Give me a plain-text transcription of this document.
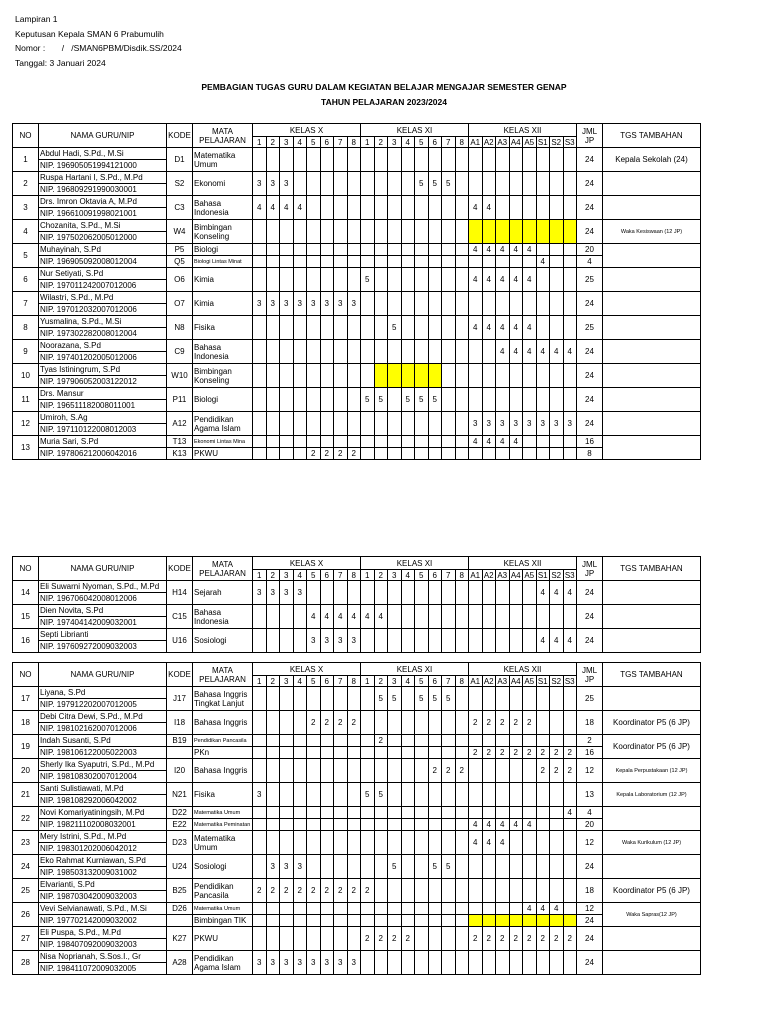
Lampiran 1
Keputusan Kepala SMAN 6 Prabumulih
Nomor :       /   /SMAN6PBM/Disdik.SS/2024
Tanggal: 3 Januari 2024
PEMBAGIAN TUGAS GURU DALAM KEGIATAN BELAJAR MENGAJAR SEMESTER GENAP
TAHUN PELAJARAN 2023/2024
NO	NAMA GURU/NIP	KODE	MATA PELAJARAN	KELAS X								KELAS XI								KELAS XII								JML JP	TGS TAMBAHAN
				1	2	3	4	5	6	7	8	1	2	3	4	5	6	7	8	A1	A2	A3	A4	A5	S1	S2	S3		
1	Abdul Hadi, S.Pd., M.Si	D1	Matematika Umum																									24	Kepala Sekolah (24)
	NIP. 196905051994121000																												
2	Ruspa Hartani I, S.Pd., M.Pd	S2	Ekonomi	3	3	3										5	5	5										24	
	NIP. 196809291990030001																												
3	Drs. Imron Oktavia A, M.Pd	C3	Bahasa Indonesia	4	4	4	4													4	4							24	
	NIP. 196610091998021001																												
4	Chozanita, S.Pd., M.Si	W4	Bimbingan Konseling																									24	Waka Kesiswaan (12 JP)
	NIP. 197502062005012000																												
5	Muhayinah, S.Pd	P5	Biologi																	4	4	4	4	4				20	
	NIP. 196905092008012004	Q5	Biologi Lintas Minat																						4			4	
6	Nur Setiyati, S.Pd	O6	Kimia									5								4	4	4	4	4				25	
	NIP. 197011242007012006																												
7	Wilastri, S.Pd., M.Pd	O7	Kimia	3	3	3	3	3	3	3	3																	24	
	NIP. 197012032007012006																												
8	Yusmalina, S.Pd., M.Si	N8	Fisika											5						4	4	4	4	4				25	
	NIP. 197302282008012004																												
9	Noorazana, S.Pd	C9	Bahasa Indonesia																			4	4	4	4	4	4	24	
	NIP. 197401202005012006																												
10	Tyas Istiningrum, S.Pd	W10	Bimbingan Konseling																									24	
	NIP. 197906052003122012																												
11	Drs. Mansur	P11	Biologi									5	5		5	5	5											24	
	NIP. 196511182008011001																												
12	Umiroh, S.Ag	A12	Pendidikan Agama Islam																	3	3	3	3	3	3	3	3	24	
	NIP. 197110122008012003																												
13	Muria Sari, S.Pd	T13	Ekonomi Lintas Mina																	4	4	4	4					16	
	NIP. 197806212006042016	K13	PKWU					2	2	2	2																	8	
NO	NAMA GURU/NIP	KODE	MATA PELAJARAN	KELAS X								KELAS XI								KELAS XII								JML JP	TGS TAMBAHAN
				1	2	3	4	5	6	7	8	1	2	3	4	5	6	7	8	A1	A2	A3	A4	A5	S1	S2	S3		
14	Eli Suwarni Nyoman, S.Pd., M.Pd	H14	Sejarah	3	3	3	3																		4	4	4	24	
	NIP. 196706042008012006																												
15	Dien Novita, S.Pd	C15	Bahasa Indonesia					4	4	4	4	4	4															24	
	NIP. 197404142009032001																												
16	Septi Librianti	U16	Sosiologi					3	3	3	3														4	4	4	24	
	NIP. 197609272009032003																												
NO	NAMA GURU/NIP	KODE	MATA PELAJARAN	KELAS X								KELAS XI								KELAS XII								JML JP	TGS TAMBAHAN
				1	2	3	4	5	6	7	8	1	2	3	4	5	6	7	8	A1	A2	A3	A4	A5	S1	S2	S3		
17	Liyana, S.Pd	J17	Bahasa Inggris Tingkat Lanjut										5	5		5	5	5										25	
	NIP. 197912202007012005																												
18	Debi Citra Dewi, S.Pd., M.Pd	I18	Bahasa Inggris					2	2	2	2									2	2	2	2	2				18	Koordinator P5 (6 JP)
	NIP. 198102162007012006																												
19	Indah Susanti, S.Pd	B19	Pendidikan Pancasila										2															2	Koordinator P5 (6 JP)
	NIP. 198106122005022003		PKn																	2	2	2	2	2	2	2	2	16	
20	Sherly Ika Syaputri, S.Pd., M.Pd	I20	Bahasa Inggris														2	2	2						2	2	2	12	Kepala Perpustakaan (12 JP)
	NIP. 198108302007012004																												
21	Santi Sulistiawati, M.Pd	N21	Fisika	3								5	5															13	Kepala Laboratorium (12 JP)
	NIP. 198108292006042002																												
22	Novi Komariyatiningsih, M.Pd	D22	Matematika Umum																								4	4	
	NIP. 198211102008032001	E22	Matematika Peminatan																	4	4	4	4	4				20	
23	Mery Istrini, S.Pd., M.Pd	D23	Matematika Umum																	4	4	4						12	Waka Kurikulum (12 JP)
	NIP. 198301202006042012																												
24	Eko Rahmat Kurniawan, S.Pd	U24	Sosiologi		3	3	3							5			5	5										24	
	NIP. 198503132009031002																												
25	Elvarianti, S.Pd	B25	Pendidikan Pancasila	2	2	2	2	2	2	2	2	2																18	Koordinator P5 (6 JP)
	NIP. 198703042009032003																												
26	Vevi Selvianawati, S.Pd., M.Si	D26	Matematika Umum																					4	4	4		12	Waka Sapras(12 JP)
	NIP. 197702142009032002		Bimbingan TIK																									24	
27	Eli Puspa, S.Pd., M.Pd	K27	PKWU									2	2	2	2					2	2	2	2	2	2	2	2	24	
	NIP. 198407092009032003																												
28	Nisa Noprianah, S.Sos.I., Gr	A28	Pendidikan Agama Islam	3	3	3	3	3	3	3	3																	24	
	NIP. 198411072009032005																												
